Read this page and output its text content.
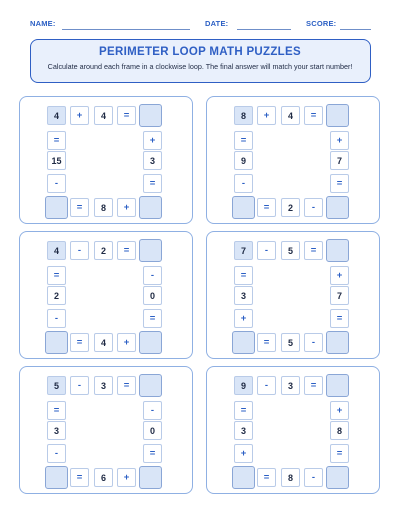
NAME:	DATE:	SCORE:
PERIMETER LOOP MATH PUZZLES
Calculate around each frame in a clockwise loop. The final answer will match your start number!
4	+	4	=
=
15
-
+
3
=
=	8	+
8	+	4	=
=
9
-
+
7
=
=	2	-
4	-	2	=
=
2
-
-
0
=
=	4	+
7	-	5	=
=
3
+
+
7
=
=	5	-
5	-	3	=
=
3
-
-
0
=
=	6	+
9	-	3	=
=
3
+
+
8
=
=	8	-
